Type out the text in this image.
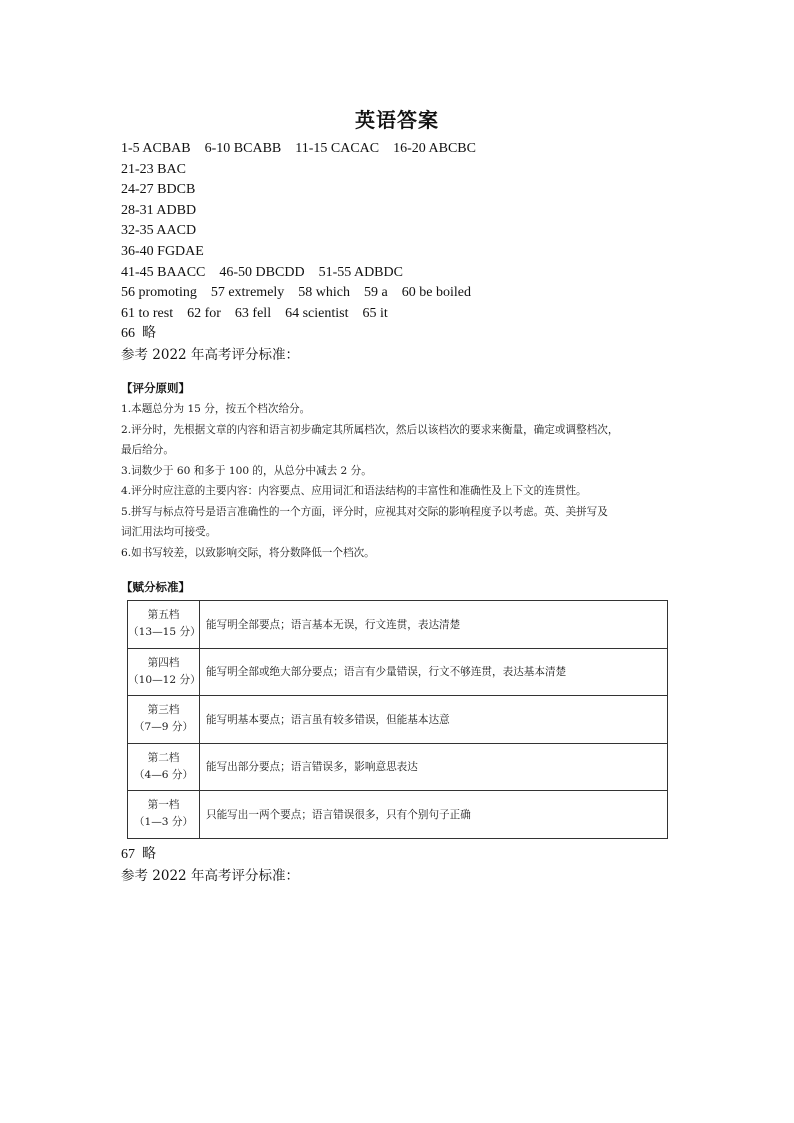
英语答案
1-5 ACBAB    6-10 BCABB    11-15 CACAC    16-20 ABCBC
21-23 BAC
24-27 BDCB
28-31 ADBD
32-35 AACD
36-40 FGDAE
41-45 BAACC    46-50 DBCDD    51-55 ADBDC
56 promoting    57 extremely    58 which    59 a    60 be boiled
61 to rest    62 for    63 fell    64 scientist    65 it
66  略
参考 2022 年高考评分标准：
【评分原则】
1.本题总分为 15 分，按五个档次给分。
2.评分时，先根据文章的内容和语言初步确定其所属档次，然后以该档次的要求来衡量，确定或调整档次，
最后给分。
3.词数少于 60 和多于 100 的，从总分中减去 2 分。
4.评分时应注意的主要内容：内容要点、应用词汇和语法结构的丰富性和准确性及上下文的连贯性。
5.拼写与标点符号是语言准确性的一个方面，评分时，应视其对交际的影响程度予以考虑。英、美拼写及
词汇用法均可接受。
6.如书写较差，以致影响交际，将分数降低一个档次。
【赋分标准】
第五档
（13—15 分）	能写明全部要点；语言基本无误，行文连贯，表达清楚

第四档
（10—12 分）	能写明全部或绝大部分要点；语言有少量错误，行文不够连贯，表达基本清楚

第三档
（7—9 分）	能写明基本要点；语言虽有较多错误，但能基本达意

第二档
（4—6 分）	能写出部分要点；语言错误多，影响意思表达

第一档
（1—3 分）	只能写出一两个要点；语言错误很多，只有个别句子正确
67  略
参考 2022 年高考评分标准：
